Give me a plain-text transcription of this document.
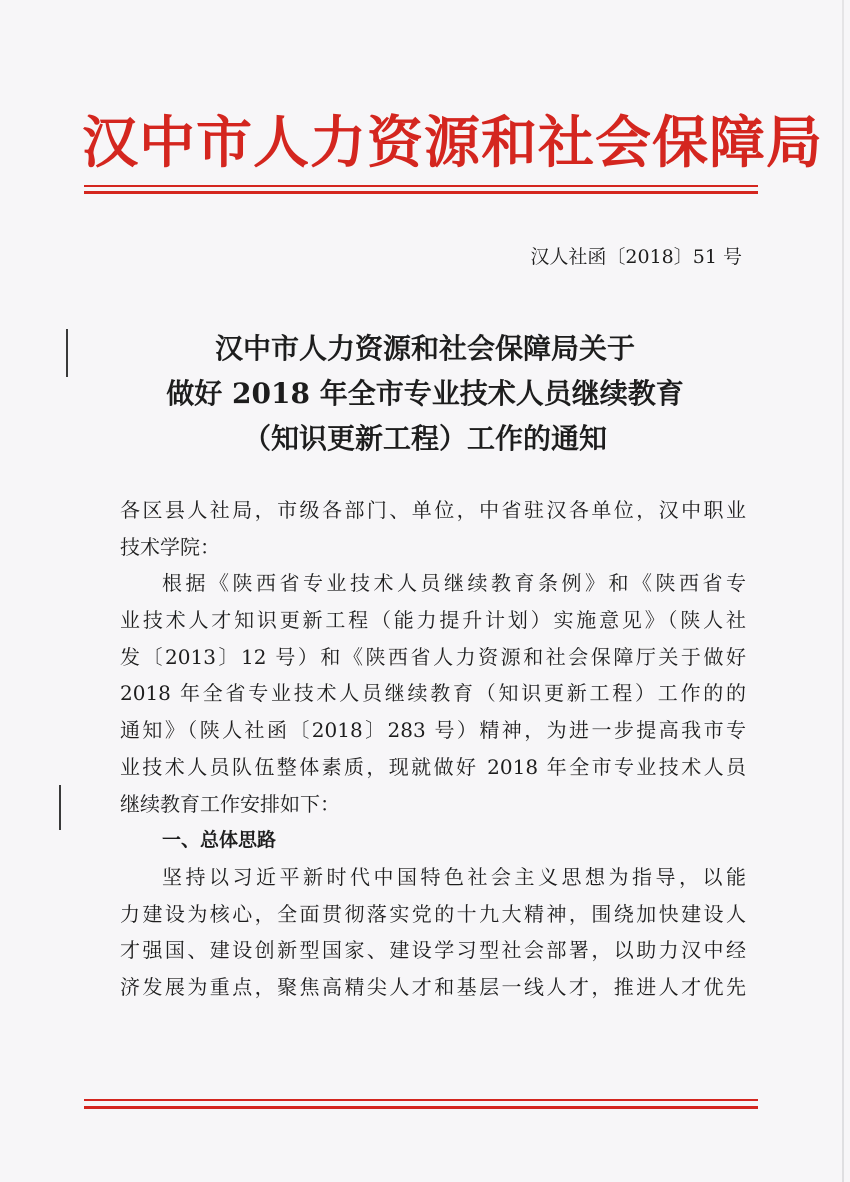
汉中市人力资源和社会保障局
汉人社函〔2018〕51 号
汉中市人力资源和社会保障局关于
做好 2018 年全市专业技术人员继续教育
（知识更新工程）工作的通知
各区县人社局，市级各部门、单位，中省驻汉各单位，汉中职业
技术学院：
根据《陕西省专业技术人员继续教育条例》和《陕西省专
业技术人才知识更新工程（能力提升计划）实施意见》（陕人社
发〔2013〕12 号）和《陕西省人力资源和社会保障厅关于做好
2018 年全省专业技术人员继续教育（知识更新工程）工作的的
通知》（陕人社函〔2018〕283 号）精神，为进一步提高我市专
业技术人员队伍整体素质，现就做好 2018 年全市专业技术人员
继续教育工作安排如下：
一、总体思路
坚持以习近平新时代中国特色社会主义思想为指导，以能
力建设为核心，全面贯彻落实党的十九大精神，围绕加快建设人
才强国、建设创新型国家、建设学习型社会部署，以助力汉中经
济发展为重点，聚焦高精尖人才和基层一线人才，推进人才优先
